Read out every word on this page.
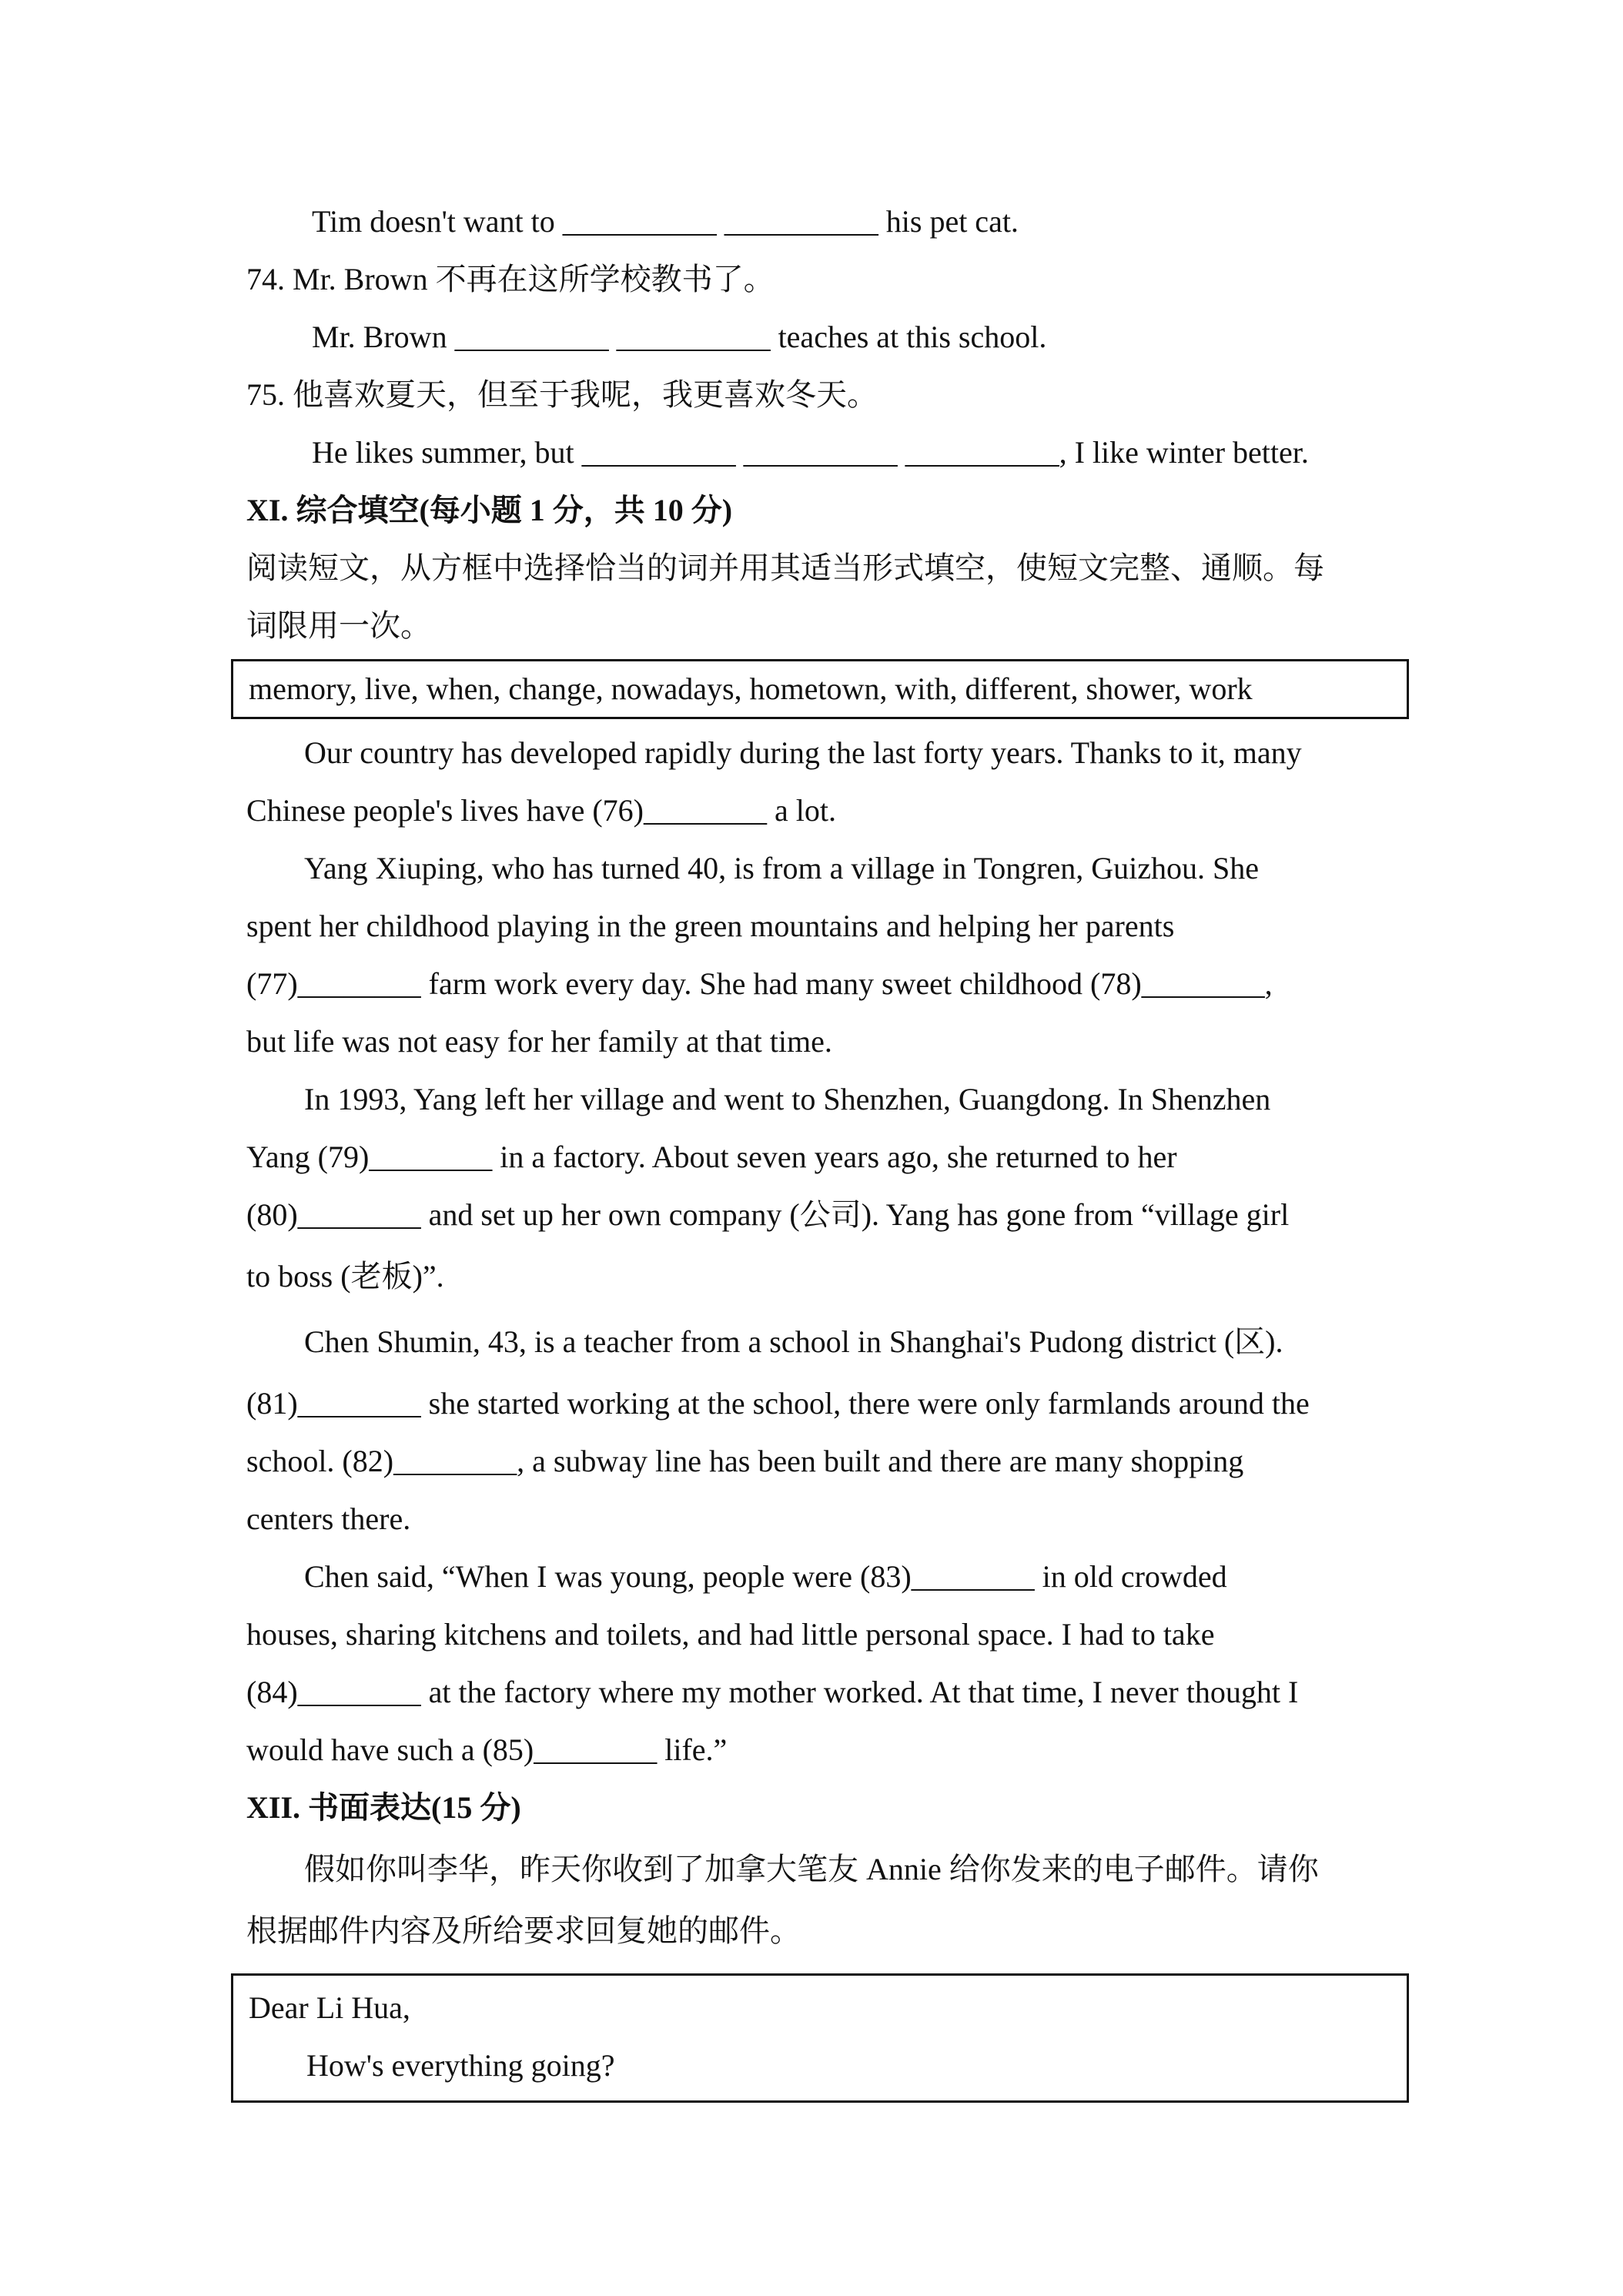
Tim doesn't want to __________ __________ his pet cat.
74. Mr. Brown 不再在这所学校教书了。
Mr. Brown __________ __________ teaches at this school.
75. 他喜欢夏天，但至于我呢，我更喜欢冬天。
He likes summer, but __________ __________ __________, I like winter better.
XI. 综合填空(每小题 1 分，共 10 分)
阅读短文，从方框中选择恰当的词并用其适当形式填空，使短文完整、通顺。每
词限用一次。
memory, live, when, change, nowadays, hometown, with, different, shower, work
Our country has developed rapidly during the last forty years. Thanks to it, many
Chinese people's lives have (76)________ a lot.
Yang Xiuping, who has turned 40, is from a village in Tongren, Guizhou. She
spent her childhood playing in the green mountains and helping her parents
(77)________ farm work every day. She had many sweet childhood (78)________,
but life was not easy for her family at that time.
In 1993, Yang left her village and went to Shenzhen, Guangdong. In Shenzhen
Yang (79)________ in a factory. About seven years ago, she returned to her
(80)________ and set up her own company (公司). Yang has gone from “village girl
to boss (老板)”.
Chen Shumin, 43, is a teacher from a school in Shanghai's Pudong district (区).
(81)________ she started working at the school, there were only farmlands around the
school. (82)________, a subway line has been built and there are many shopping
centers there.
Chen said, “When I was young, people were (83)________ in old crowded
houses, sharing kitchens and toilets, and had little personal space. I had to take
(84)________ at the factory where my mother worked. At that time, I never thought I
would have such a (85)________ life.”
XII. 书面表达(15 分)
假如你叫李华，昨天你收到了加拿大笔友 Annie 给你发来的电子邮件。请你
根据邮件内容及所给要求回复她的邮件。
Dear Li Hua,
How's everything going?
